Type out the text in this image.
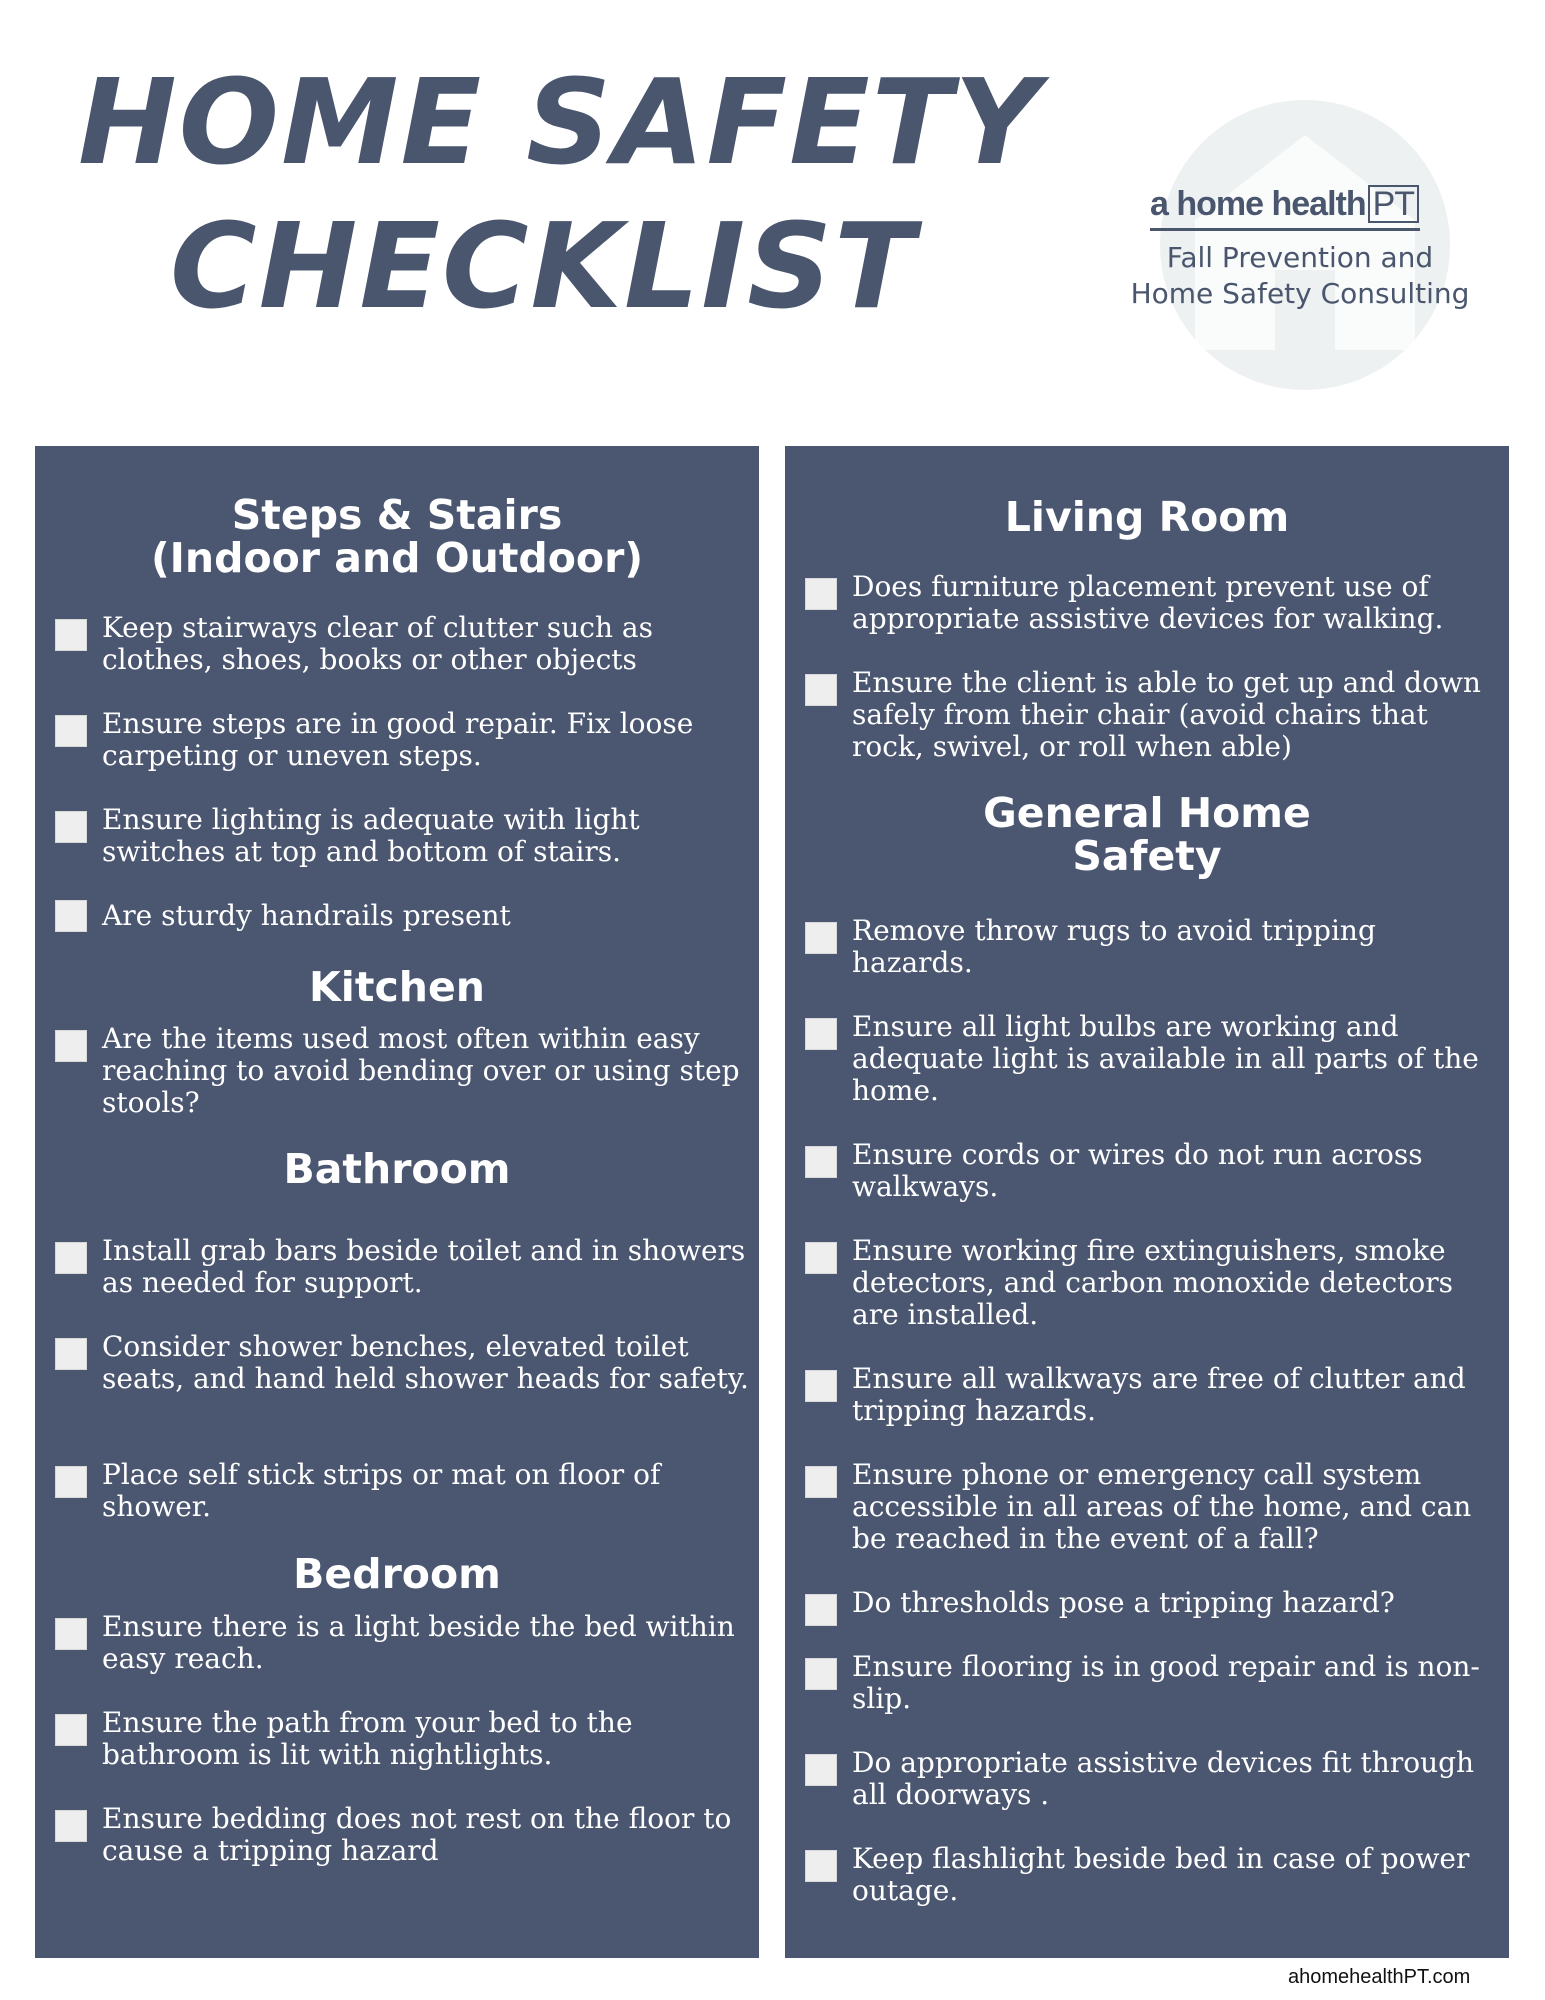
HOME SAFETY
CHECKLIST	a home health PT
Fall Prevention and
Home Safety Consulting
Steps & Stairs
(Indoor and Outdoor)
Keep stairways clear of clutter such as clothes, shoes, books or other objects
Ensure steps are in good repair. Fix loose carpeting or uneven steps.
Ensure lighting is adequate with light switches at top and bottom of stairs.
Are sturdy handrails present
Kitchen
Are the items used most often within easy reaching to avoid bending over or using step stools?
Bathroom
Install grab bars beside toilet and in showers as needed for support.
Consider shower benches, elevated toilet seats, and hand held shower heads for safety.
Place self stick strips or mat on floor of shower.
Bedroom
Ensure there is a light beside the bed within easy reach.
Ensure the path from your bed to the bathroom is lit with nightlights.
Ensure bedding does not rest on the floor to cause a tripping hazard
Living Room
Does furniture placement prevent use of appropriate assistive devices for walking.
Ensure the client is able to get up and down safely from their chair (avoid chairs that rock, swivel, or roll when able)
General Home
Safety
Remove throw rugs to avoid tripping hazards.
Ensure all light bulbs are working and adequate light is available in all parts of the home.
Ensure cords or wires do not run across walkways.
Ensure working fire extinguishers, smoke detectors, and carbon monoxide detectors are installed.
Ensure all walkways are free of clutter and tripping hazards.
Ensure phone or emergency call system accessible in all areas of the home, and can be reached in the event of a fall?
Do thresholds pose a tripping hazard?
Ensure flooring is in good repair and is non-slip.
Do appropriate assistive devices fit through all doorways .
Keep flashlight beside bed in case of power outage.
ahomehealthPT.com
